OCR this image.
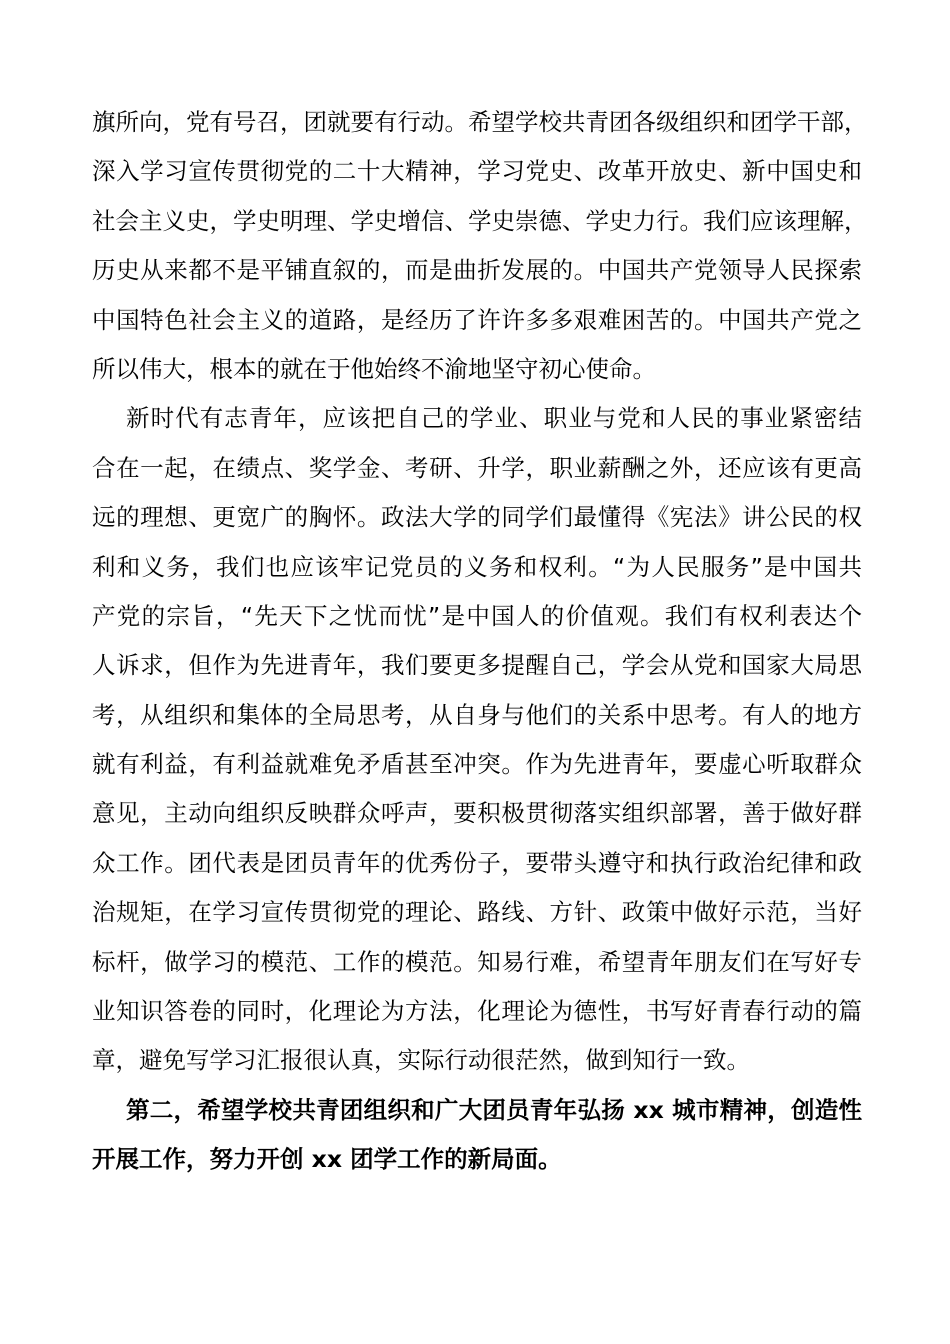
旗所向，党有号召，团就要有行动。希望学校共青团各级组织和团学干部，
深入学习宣传贯彻党的二十大精神，学习党史、改革开放史、新中国史和
社会主义史，学史明理、学史增信、学史崇德、学史力行。我们应该理解，
历史从来都不是平铺直叙的，而是曲折发展的。中国共产党领导人民探索
中国特色社会主义的道路，是经历了许许多多艰难困苦的。中国共产党之
所以伟大，根本的就在于他始终不渝地坚守初心使命。
新时代有志青年，应该把自己的学业、职业与党和人民的事业紧密结
合在一起，在绩点、奖学金、考研、升学，职业薪酬之外，还应该有更高
远的理想、更宽广的胸怀。政法大学的同学们最懂得《宪法》讲公民的权
利和义务，我们也应该牢记党员的义务和权利。“为人民服务”是中国共
产党的宗旨，“先天下之忧而忧”是中国人的价值观。我们有权利表达个
人诉求，但作为先进青年，我们要更多提醒自己，学会从党和国家大局思
考，从组织和集体的全局思考，从自身与他们的关系中思考。有人的地方
就有利益，有利益就难免矛盾甚至冲突。作为先进青年，要虚心听取群众
意见，主动向组织反映群众呼声，要积极贯彻落实组织部署，善于做好群
众工作。团代表是团员青年的优秀份子，要带头遵守和执行政治纪律和政
治规矩，在学习宣传贯彻党的理论、路线、方针、政策中做好示范，当好
标杆，做学习的模范、工作的模范。知易行难，希望青年朋友们在写好专
业知识答卷的同时，化理论为方法，化理论为德性，书写好青春行动的篇
章，避免写学习汇报很认真，实际行动很茫然，做到知行一致。
第二，希望学校共青团组织和广大团员青年弘扬 xx 城市精神，创造性
开展工作，努力开创 xx 团学工作的新局面。
